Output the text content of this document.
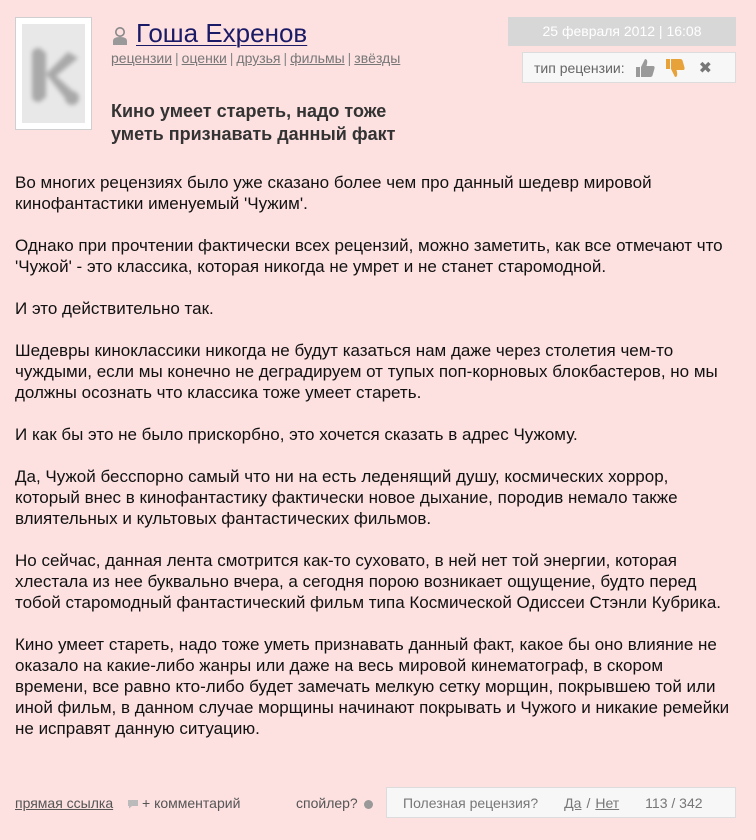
Гоша Ехренов
рецензии | оценки | друзья | фильмы | звёзды
25 февраля 2012 | 16:08
тип рецензии:	✖
Кино умеет стареть, надо тоже уметь признавать данный факт

Во многих рецензиях было уже сказано более чем про данный шедевр мировой кинофантастики именуемый 'Чужим'.

Однако при прочтении фактически всех рецензий, можно заметить, как все отмечают что 'Чужой' - это классика, которая никогда не умрет и не станет старомодной.

И это действительно так.

Шедевры киноклассики никогда не будут казаться нам даже через столетия чем-то чуждыми, если мы конечно не деградируем от тупых поп-корновых блокбастеров, но мы должны осознать что классика тоже умеет стареть.

И как бы это не было прискорбно, это хочется сказать в адрес Чужому.

Да, Чужой бесспорно самый что ни на есть леденящий душу, космических хоррор, который внес в кинофантастику фактически новое дыхание, породив немало также влиятельных и культовых фантастических фильмов.

Но сейчас, данная лента смотрится как-то суховато, в ней нет той энергии, которая хлестала из нее буквально вчера, а сегодня порою возникает ощущение, будто перед тобой старомодный фантастический фильм типа Космической Одиссеи Стэнли Кубрика.

Кино умеет стареть, надо тоже уметь признавать данный факт, какое бы оно влияние не оказало на какие-либо жанры или даже на весь мировой кинематограф, в скором времени, все равно кто-либо будет замечать мелкую сетку морщин, покрывшею той или иной фильм, в данном случае морщины начинают покрывать и Чужого и никакие ремейки не исправят данную ситуацию.

прямая ссылка + комментарий	спойлер?	Полезная рецензия? Да / Нет 113 / 342
